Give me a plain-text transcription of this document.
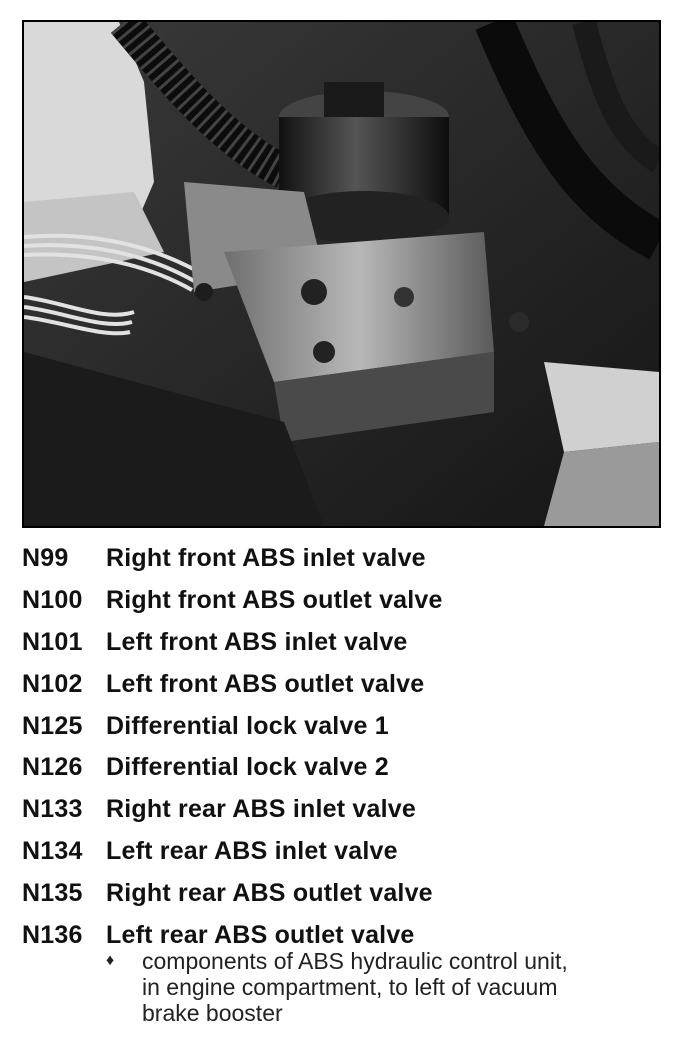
N99	Right front ABS inlet valve
N100 Right front ABS outlet valve
N101 Left front ABS inlet valve
N102 Left front ABS outlet valve
N125 Differential lock valve 1
N126 Differential lock valve 2
N133 Right rear ABS inlet valve
N134 Left rear ABS inlet valve
N135 Right rear ABS outlet valve
N136 Left rear ABS outlet valve
♦ components of ABS hydraulic control unit,
in engine compartment, to left of vacuum
brake booster
